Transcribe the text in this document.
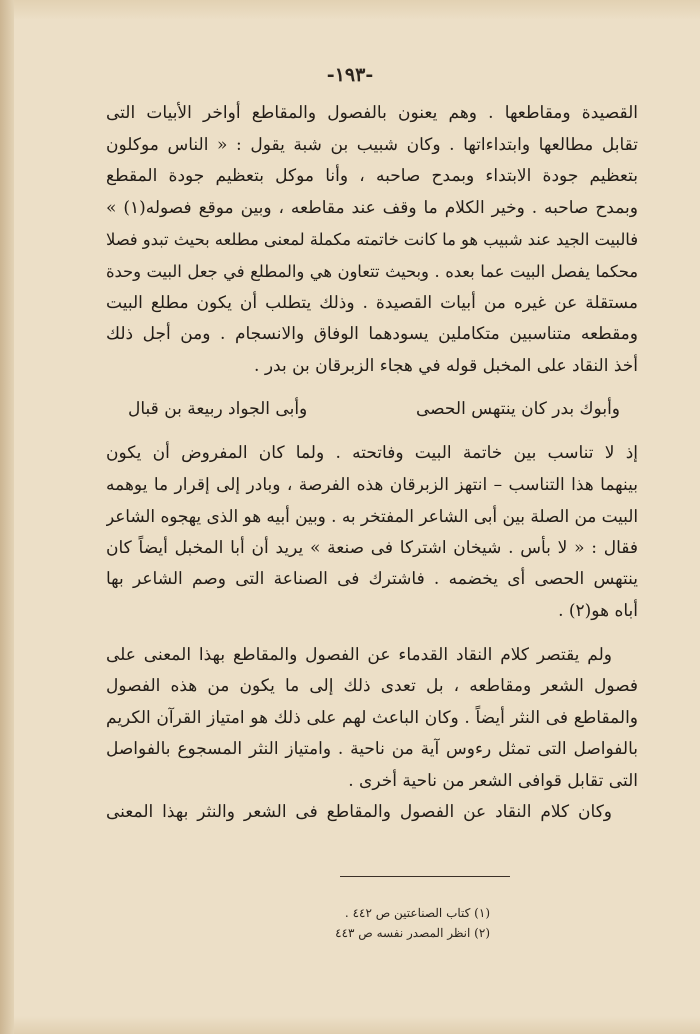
-١٩٣-
القصيدة ومقاطعها . وهم يعنون بالفصول والمقاطع أواخر الأبيات التى
تقابل مطالعها وابتداءاتها . وكان شبيب بن شبة يقول : « الناس موكلون
بتعظيم جودة الابتداء وبمدح صاحبه ، وأنا موكل بتعظيم جودة المقطع
وبمدح صاحبه . وخير الكلام ما وقف عند مقاطعه ، وبين موقع فصوله(١) »
فالبيت الجيد عند شبيب هو ما كانت خاتمته مكملة لمعنى مطلعه بحيث تبدو فصلا
محكما يفصل البيت عما بعده . وبحيث تتعاون هي والمطلع في جعل البيت وحدة
مستقلة عن غيره من أبيات القصيدة . وذلك يتطلب أن يكون مطلع البيت
ومقطعه متناسبين متكاملين يسودهما الوفاق والانسجام . ومن أجل ذلك
أخذ النقاد على المخبل قوله في هجاء الزبرقان بن بدر .
وأبوك بدر كان ينتهس الحصى
وأبى الجواد ربيعة بن قبال
إذ لا تناسب بين خاتمة البيت وفاتحته . ولما كان المفروض أن يكون
بينهما هذا التناسب – انتهز الزبرقان هذه الفرصة ، وبادر إلى إقرار ما يوهمه
البيت من الصلة بين أبى الشاعر المفتخر به . وبين أبيه هو الذى يهجوه الشاعر
فقال : « لا بأس . شيخان اشتركا فى صنعة » يريد أن أبا المخبل أيضاً كان
ينتهس الحصى أى يخضمه . فاشترك فى الصناعة التى وصم الشاعر بها
أباه هو(٢) .
ولم يقتصر كلام النقاد القدماء عن الفصول والمقاطع بهذا المعنى على
فصول الشعر ومقاطعه ، بل تعدى ذلك إلى ما يكون من هذه الفصول
والمقاطع فى النثر أيضاً . وكان الباعث لهم على ذلك هو امتياز القرآن الكريم
بالفواصل التى تمثل رءوس آية من ناحية . وامتياز النثر المسجوع بالفواصل
التى تقابل قوافى الشعر من ناحية أخرى .
وكان كلام النقاد عن الفصول والمقاطع فى الشعر والنثر بهذا المعنى
(١) كتاب الصناعتين ص ٤٤٢ .
(٢) انظر المصدر نفسه ص ٤٤٣
